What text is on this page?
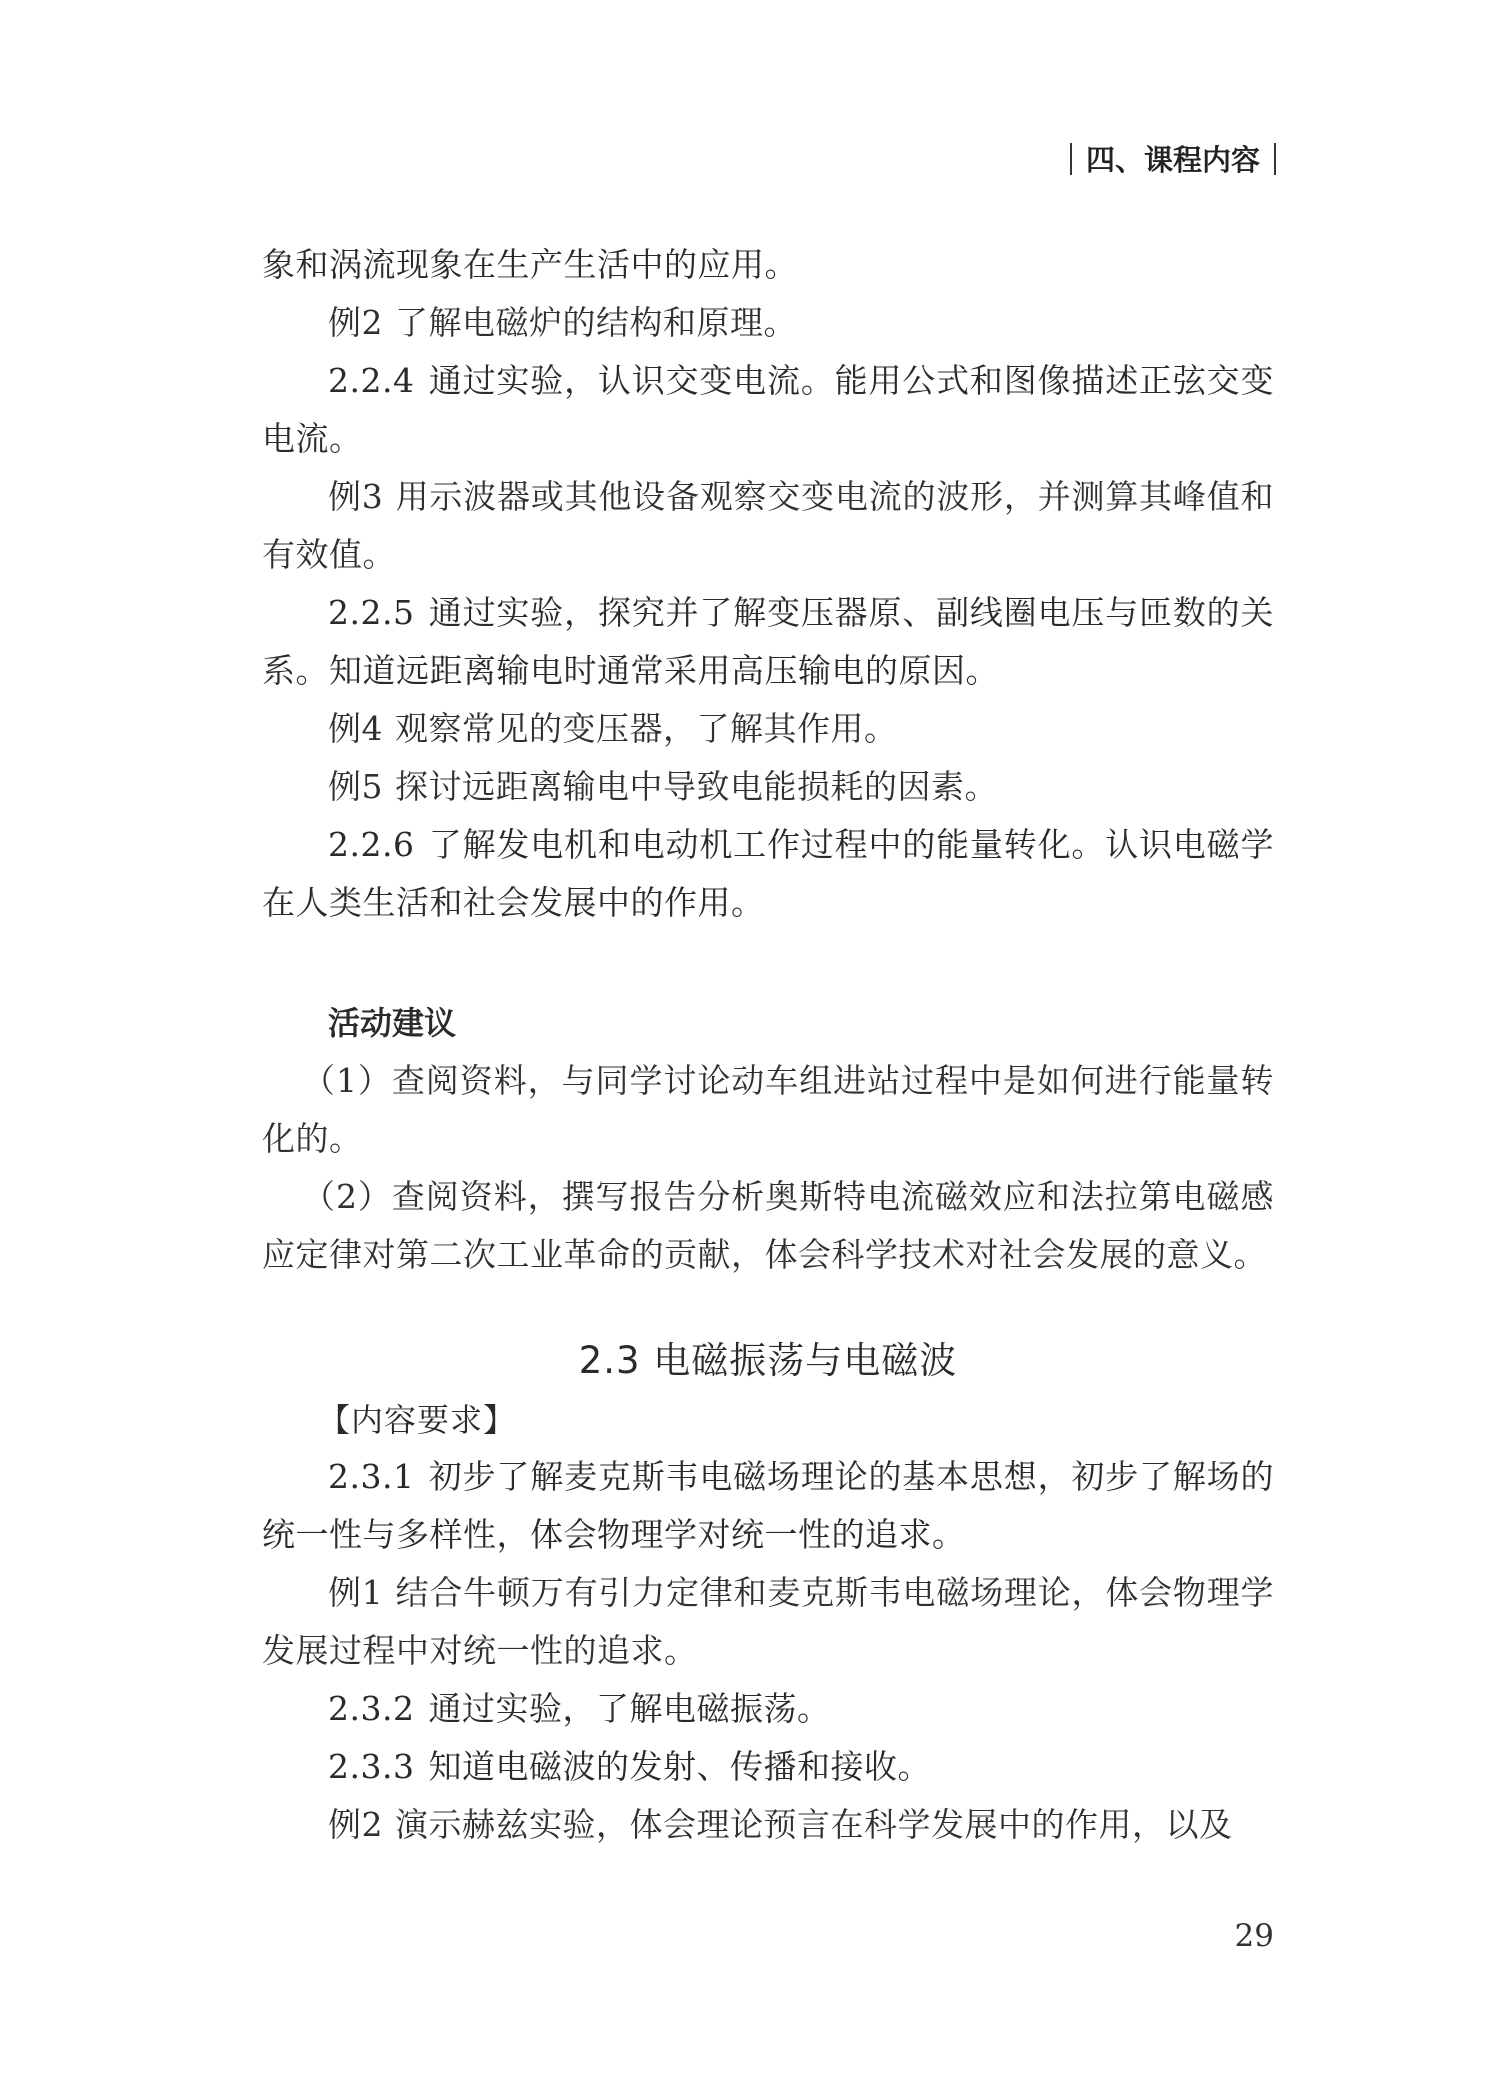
四、课程内容

象和涡流现象在生产生活中的应用。

例2 了解电磁炉的结构和原理。

2.2.4 通过实验，认识交变电流。能用公式和图像描述正弦交变电流。

例3 用示波器或其他设备观察交变电流的波形，并测算其峰值和有效值。

2.2.5 通过实验，探究并了解变压器原、副线圈电压与匝数的关系。知道远距离输电时通常采用高压输电的原因。

例4 观察常见的变压器，了解其作用。

例5 探讨远距离输电中导致电能损耗的因素。

2.2.6 了解发电机和电动机工作过程中的能量转化。认识电磁学在人类生活和社会发展中的作用。

活动建议

（1）查阅资料，与同学讨论动车组进站过程中是如何进行能量转化的。

（2）查阅资料，撰写报告分析奥斯特电流磁效应和法拉第电磁感应定律对第二次工业革命的贡献，体会科学技术对社会发展的意义。

2.3 电磁振荡与电磁波
【内容要求】

2.3.1 初步了解麦克斯韦电磁场理论的基本思想，初步了解场的统一性与多样性，体会物理学对统一性的追求。

例1 结合牛顿万有引力定律和麦克斯韦电磁场理论，体会物理学发展过程中对统一性的追求。

2.3.2 通过实验，了解电磁振荡。

2.3.3 知道电磁波的发射、传播和接收。

例2 演示赫兹实验，体会理论预言在科学发展中的作用，以及

29
